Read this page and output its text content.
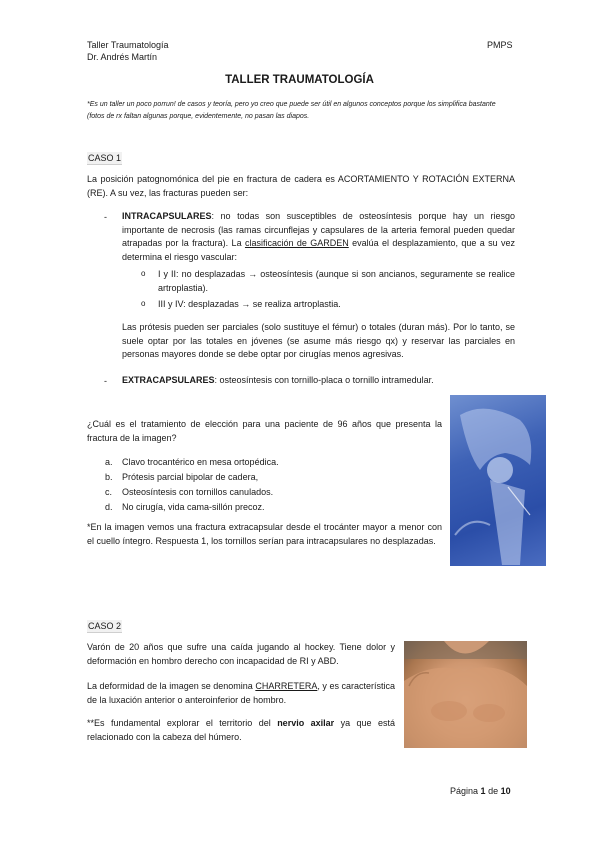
Taller Traumatología
Dr. Andrés Martín
PMPS
TALLER TRAUMATOLOGÍA
*Es un taller un poco porrun! de casos y teoría, pero yo creo que puede ser útil en algunos conceptos porque los simplifica bastante (fotos de rx faltan algunas porque, evidentemente, no pasan las diapos.
CASO 1
La posición patognomónica del pie en fractura de cadera es ACORTAMIENTO Y ROTACIÓN EXTERNA (RE). A su vez, las fracturas pueden ser:
- INTRACAPSULARES: no todas son susceptibles de osteosíntesis porque hay un riesgo importante de necrosis (las ramas circunflejas y capsulares de la arteria femoral pueden quedar atrapadas por la fractura). La clasificación de GARDEN evalúa el desplazamiento, que a su vez determina el riesgo vascular:
o I y II: no desplazadas → osteosíntesis (aunque si son ancianos, seguramente se realice artroplastia).
o III y IV: desplazadas → se realiza artroplastia.
Las prótesis pueden ser parciales (solo sustituye el fémur) o totales (duran más). Por lo tanto, se suele optar por las totales en jóvenes (se asume más riesgo qx) y reservar las parciales en personas mayores donde se debe optar por cirugías menos agresivas.
- EXTRACAPSULARES: osteosíntesis con tornillo-placa o tornillo intramedular.
¿Cuál es el tratamiento de elección para una paciente de 96 años que presenta la fractura de la imagen?
a. Clavo trocantérico en mesa ortopédica.
b. Prótesis parcial bipolar de cadera,
c. Osteosíntesis con tornillos canulados.
d. No cirugía, vida cama-sillón precoz.
*En la imagen vemos una fractura extracapsular desde el trocánter mayor a menor con el cuello íntegro. Respuesta 1, los tornillos serían para intracapsulares no desplazadas.
CASO 2
Varón de 20 años que sufre una caída jugando al hockey. Tiene dolor y deformación en hombro derecho con incapacidad de RI y ABD.
La deformidad de la imagen se denomina CHARRETERA, y es característica de la luxación anterior o anteroinferior de hombro.
**Es fundamental explorar el territorio del nervio axilar ya que está relacionado con la cabeza del húmero.
Página 1 de 10
